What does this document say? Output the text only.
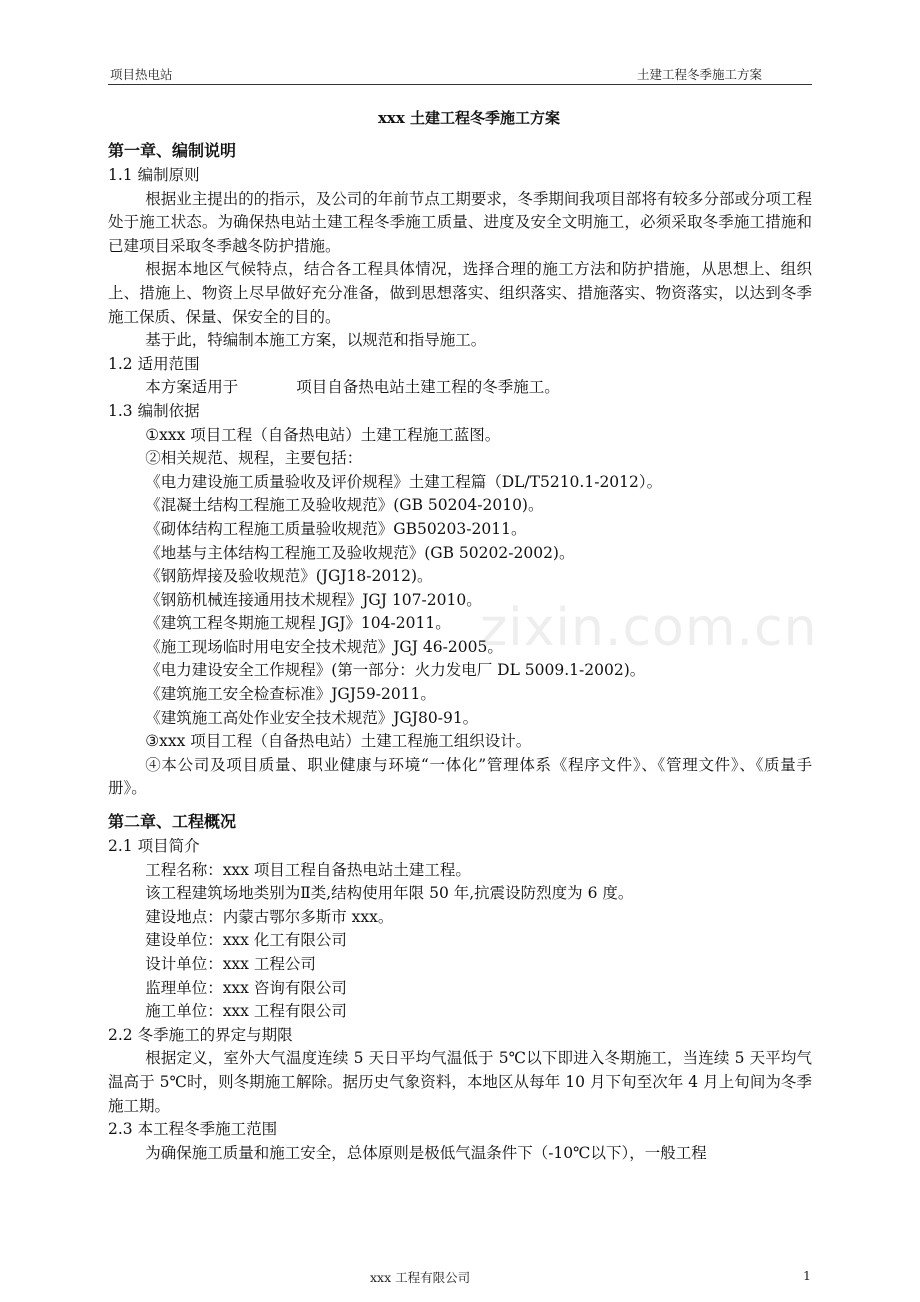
项目热电站	土建工程冬季施工方案
zixin.com.cn
xxx 土建工程冬季施工方案
第一章、编制说明
1.1 编制原则
根据业主提出的的指示，及公司的年前节点工期要求，冬季期间我项目部将有较多分部或分项工程处于施工状态。为确保热电站土建工程冬季施工质量、进度及安全文明施工，必须采取冬季施工措施和已建项目采取冬季越冬防护措施。
根据本地区气候特点，结合各工程具体情况，选择合理的施工方法和防护措施，从思想上、组织上、措施上、物资上尽早做好充分准备，做到思想落实、组织落实、措施落实、物资落实，以达到冬季施工保质、保量、保安全的目的。
基于此，特编制本施工方案，以规范和指导施工。
1.2 适用范围
本方案适用于	项目自备热电站土建工程的冬季施工。
1.3 编制依据
①xxx 项目工程（自备热电站）土建工程施工蓝图。
②相关规范、规程，主要包括：
《电力建设施工质量验收及评价规程》土建工程篇（DL/T5210.1-2012）。
《混凝土结构工程施工及验收规范》(GB 50204-2010)。
《砌体结构工程施工质量验收规范》GB50203-2011。
《地基与主体结构工程施工及验收规范》(GB 50202-2002)。
《钢筋焊接及验收规范》(JGJ18-2012)。
《钢筋机械连接通用技术规程》JGJ 107-2010。
《建筑工程冬期施工规程 JGJ》104-2011。
《施工现场临时用电安全技术规范》JGJ 46-2005。
《电力建设安全工作规程》(第一部分：火力发电厂 DL 5009.1-2002)。
《建筑施工安全检查标准》JGJ59-2011。
《建筑施工高处作业安全技术规范》JGJ80-91。
③xxx 项目工程（自备热电站）土建工程施工组织设计。
④本公司及项目质量、职业健康与环境“一体化”管理体系《程序文件》、《管理文件》、《质量手册》。
第二章、工程概况
2.1 项目简介
工程名称：xxx 项目工程自备热电站土建工程。
该工程建筑场地类别为Ⅱ类,结构使用年限 50 年,抗震设防烈度为 6 度。
建设地点：内蒙古鄂尔多斯市 xxx。
建设单位：xxx 化工有限公司
设计单位：xxx 工程公司
监理单位：xxx 咨询有限公司
施工单位：xxx 工程有限公司
2.2 冬季施工的界定与期限
根据定义，室外大气温度连续 5 天日平均气温低于 5℃以下即进入冬期施工，当连续 5 天平均气温高于 5℃时，则冬期施工解除。据历史气象资料，本地区从每年 10 月下旬至次年 4 月上旬间为冬季施工期。
2.3 本工程冬季施工范围
为确保施工质量和施工安全，总体原则是极低气温条件下（-10℃以下），一般工程
xxx 工程有限公司	1
